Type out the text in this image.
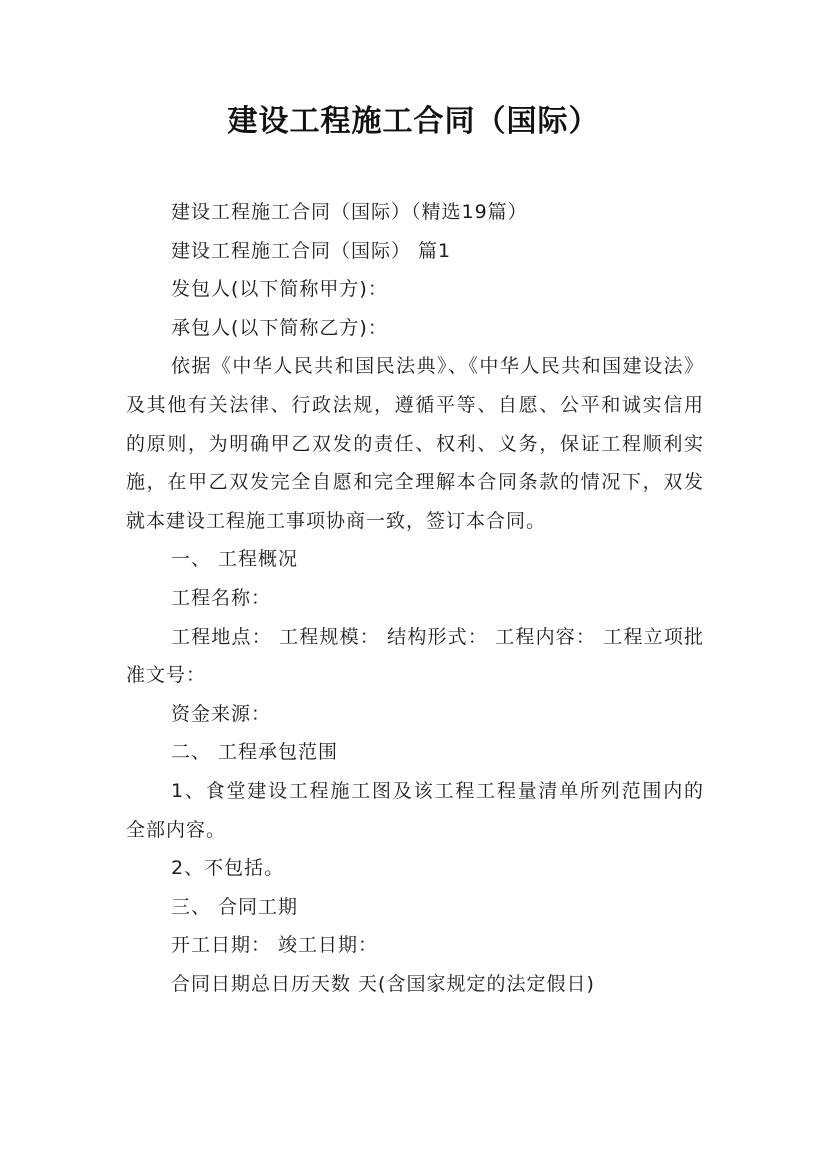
建设工程施工合同（国际）

建设工程施工合同（国际）（精选19篇）

建设工程施工合同（国际） 篇1

发包人(以下简称甲方)：

承包人(以下简称乙方)：

依据《中华人民共和国民法典》、《中华人民共和国建设法》及其他有关法律、行政法规，遵循平等、自愿、公平和诚实信用的原则，为明确甲乙双发的责任、权利、义务，保证工程顺利实施，在甲乙双发完全自愿和完全理解本合同条款的情况下，双发就本建设工程施工事项协商一致，签订本合同。

一、 工程概况

工程名称：

工程地点： 工程规模： 结构形式： 工程内容： 工程立项批准文号：

资金来源：

二、 工程承包范围

1、食堂建设工程施工图及该工程工程量清单所列范围内的全部内容。

2、不包括。

三、 合同工期

开工日期： 竣工日期：

合同日期总日历天数 天(含国家规定的法定假日)
